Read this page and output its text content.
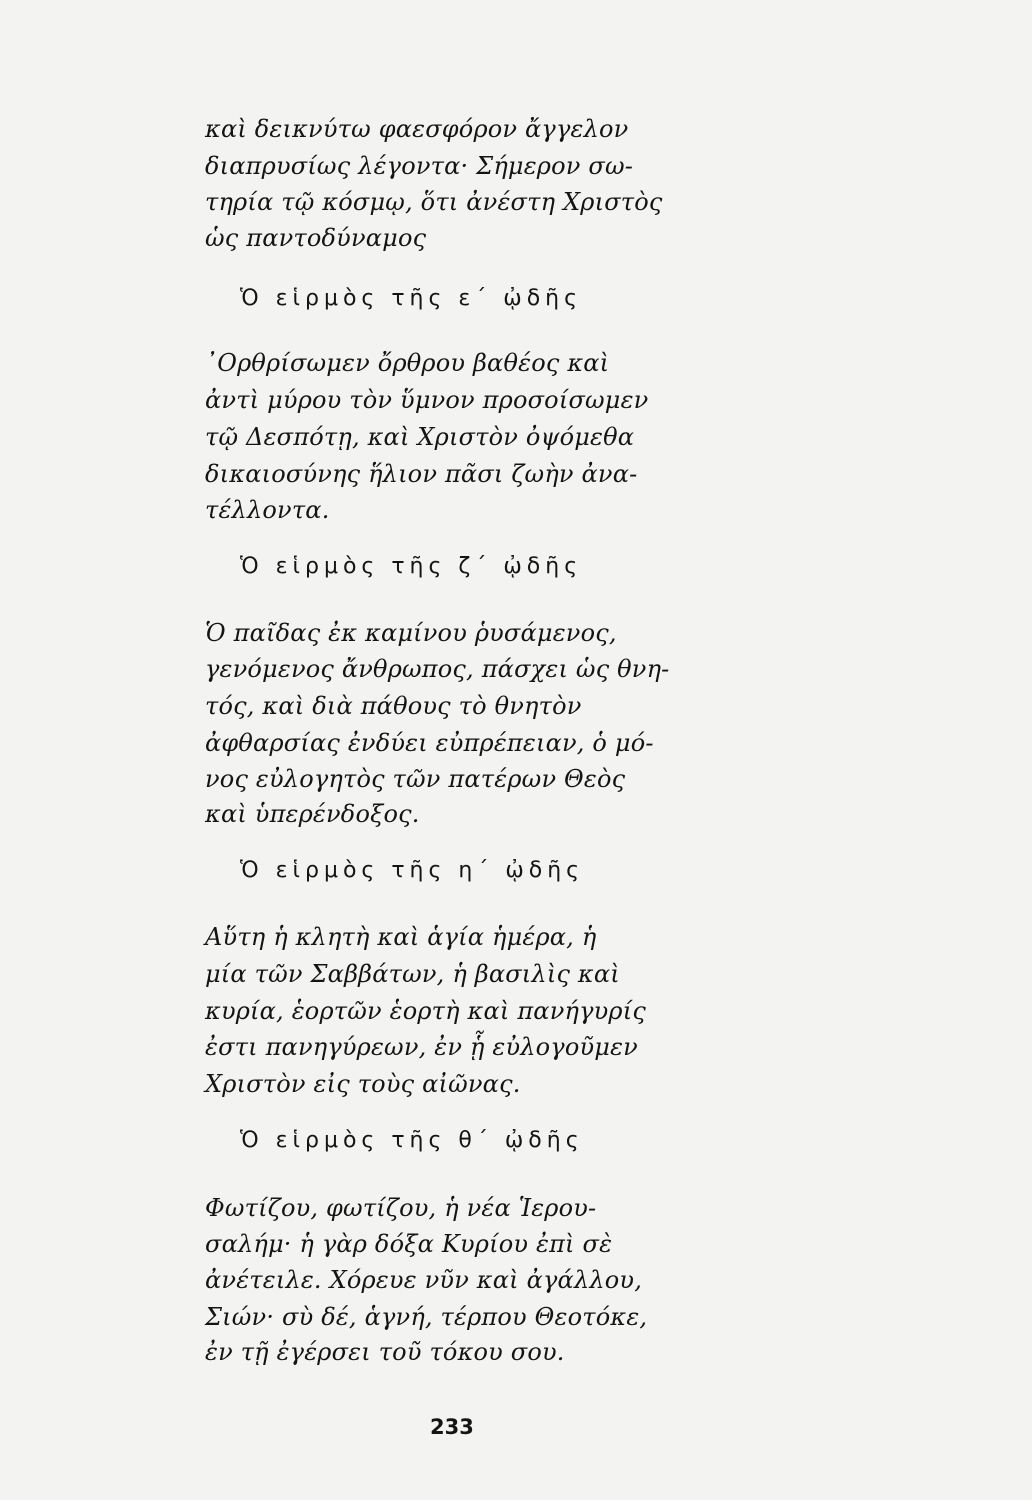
καὶ δεικνύτω φαεσφόρον ἄγγελον
διαπρυσίως λέγοντα· Σήμερον σω-
τηρία τῷ κόσμῳ, ὅτι ἀνέστη Χριστὸς
ὡς παντοδύναμος
Ὁ εἱρμὸς τῆς ε΄ ᾠδῆς
᾿Ορθρίσωμεν ὄρθρου βαθέος καὶ
ἀντὶ μύρου τὸν ὕμνον προσοίσωμεν
τῷ Δεσπότῃ, καὶ Χριστὸν ὀψόμεθα
δικαιοσύνης ἥλιον πᾶσι ζωὴν ἀνα-
τέλλοντα.
Ὁ εἱρμὸς τῆς ζ΄ ᾠδῆς
Ὁ παῖδας ἐκ καμίνου ῥυσάμενος,
γενόμενος ἄνθρωπος, πάσχει ὡς θνη-
τός, καὶ διὰ πάθους τὸ θνητὸν
ἀφθαρσίας ἐνδύει εὐπρέπειαν, ὁ μό-
νος εὐλογητὸς τῶν πατέρων Θεὸς
καὶ ὑπερένδοξος.
Ὁ εἱρμὸς τῆς η΄ ᾠδῆς
Αὕτη ἡ κλητὴ καὶ ἁγία ἡμέρα, ἡ
μία τῶν Σαββάτων, ἡ βασιλὶς καὶ
κυρία, ἑορτῶν ἑορτὴ καὶ πανήγυρίς
ἐστι πανηγύρεων, ἐν ᾗ εὐλογοῦμεν
Χριστὸν εἰς τοὺς αἰῶνας.
Ὁ εἱρμὸς τῆς θ΄ ᾠδῆς
Φωτίζου, φωτίζου, ἡ νέα Ἱερου-
σαλήμ· ἡ γὰρ δόξα Κυρίου ἐπὶ σὲ
ἀνέτειλε. Χόρευε νῦν καὶ ἀγάλλου,
Σιών· σὺ δέ, ἁγνή, τέρπου Θεοτόκε,
ἐν τῇ ἐγέρσει τοῦ τόκου σου.
233
